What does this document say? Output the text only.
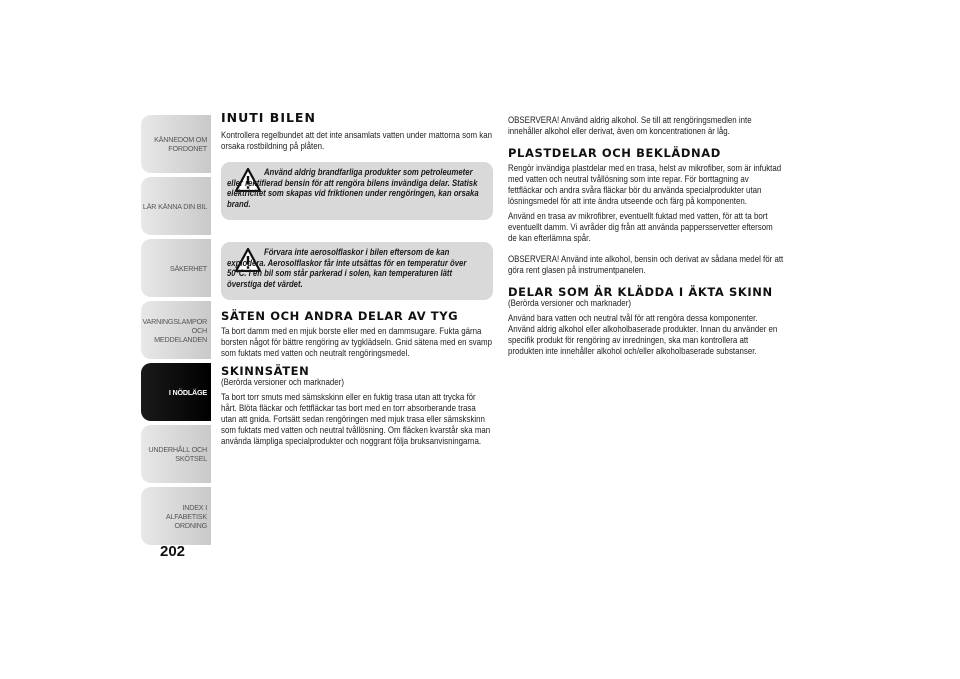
KÄNNEDOM OM FORDONET
LÄR KÄNNA DIN BIL
SÄKERHET
VARNINGSLAMPOR OCH MEDDELANDEN
I NÖDLÄGE
UNDERHÅLL OCH SKÖTSEL
INDEX I ALFABETISK ORDNING
202
INUTI BILEN

Kontrollera regelbundet att det inte ansamlats vatten under mattorna som kan orsaka rostbildning på plåten.

Använd aldrig brandfarliga produkter som petroleumeter eller rektifierad bensin för att rengöra bilens invändiga delar. Statisk elektricitet som skapas vid friktionen under rengöringen, kan orsaka brand.
Förvara inte aerosolflaskor i bilen eftersom de kan explodera. Aerosolflaskor får inte utsättas för en temperatur över 50°C. I en bil som står parkerad i solen, kan temperaturen lätt överstiga det värdet.
SÄTEN OCH ANDRA DELAR AV TYG

Ta bort damm med en mjuk borste eller med en dammsugare. Fukta gärna borsten något för bättre rengöring av tygklädseln. Gnid sätena med en svamp som fuktats med vatten och neutralt rengöringsmedel.

SKINNSÄTEN

(Berörda versioner och marknader)

Ta bort torr smuts med sämskskinn eller en fuktig trasa utan att trycka för hårt. Blöta fläckar och fettfläckar tas bort med en torr absorberande trasa utan att gnida. Fortsätt sedan rengöringen med mjuk trasa eller sämskskinn som fuktats med vatten och neutral tvållösning. Om fläcken kvarstår ska man använda lämpliga specialprodukter och noggrant följa bruksanvisningarna.

OBSERVERA! Använd aldrig alkohol. Se till att rengöringsmedlen inte innehåller alkohol eller derivat, även om koncentrationen är låg.

PLASTDELAR OCH BEKLÄDNAD

Rengör invändiga plastdelar med en trasa, helst av mikrofiber, som är infuktad med vatten och neutral tvållösning som inte repar. För borttagning av fettfläckar och andra svåra fläckar bör du använda specialprodukter utan lösningsmedel för att inte ändra utseende och färg på komponenten.

Använd en trasa av mikrofibrer, eventuellt fuktad med vatten, för att ta bort eventuellt damm. Vi avråder dig från att använda pappersservetter eftersom de kan efterlämna spår.

OBSERVERA! Använd inte alkohol, bensin och derivat av sådana medel för att göra rent glasen på instrumentpanelen.

DELAR SOM ÄR KLÄDDA I ÄKTA SKINN

(Berörda versioner och marknader)

Använd bara vatten och neutral tvål för att rengöra dessa komponenter. Använd aldrig alkohol eller alkoholbaserade produkter. Innan du använder en specifik produkt för rengöring av inredningen, ska man kontrollera att produkten inte innehåller alkohol och/eller alkoholbaserade substanser.
